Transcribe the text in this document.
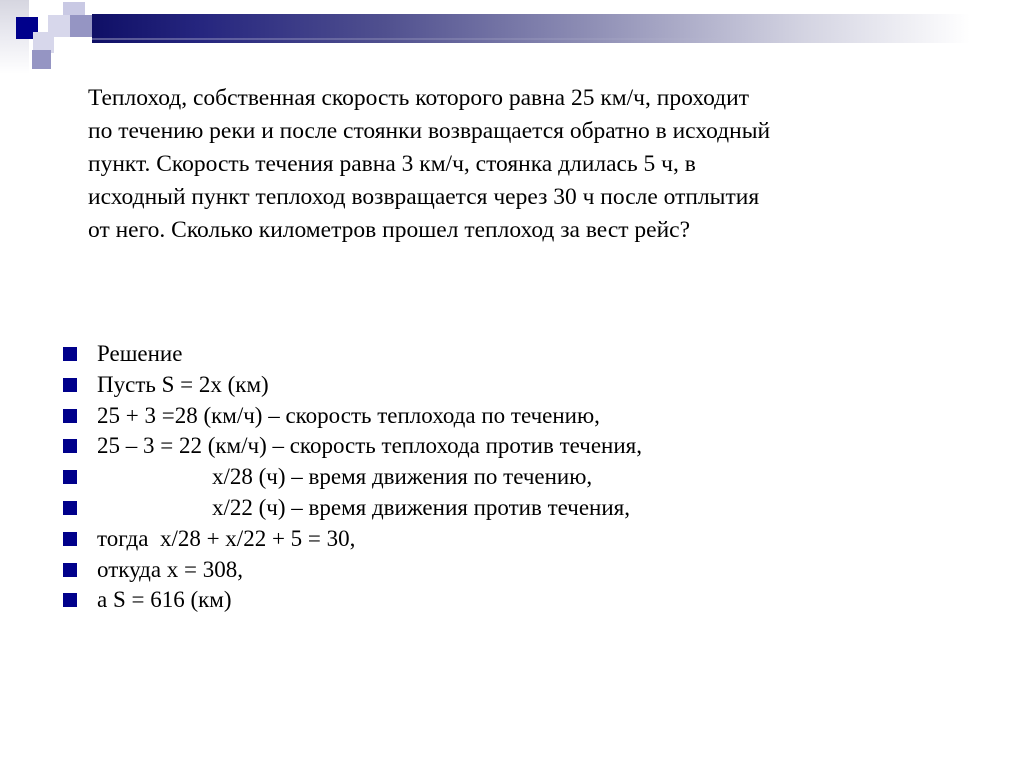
Теплоход, собственная скорость которого равна 25 км/ч, проходит
по течению реки и после стоянки возвращается обратно в исходный
пункт. Скорость течения равна 3 км/ч, стоянка длилась 5 ч, в
исходный пункт теплоход возвращается через 30 ч после отплытия
от него. Сколько километров прошел теплоход за вест рейс?
Решение
Пусть S = 2x (км)
25 + 3 =28 (км/ч) – скорость теплохода по течению,
25 – 3 = 22 (км/ч) – скорость теплохода против течения,
x/28 (ч) – время движения по течению,
x/22 (ч) – время движения против течения,
тогда  x/28 + x/22 + 5 = 30,
откуда x = 308,
а S = 616 (км)
